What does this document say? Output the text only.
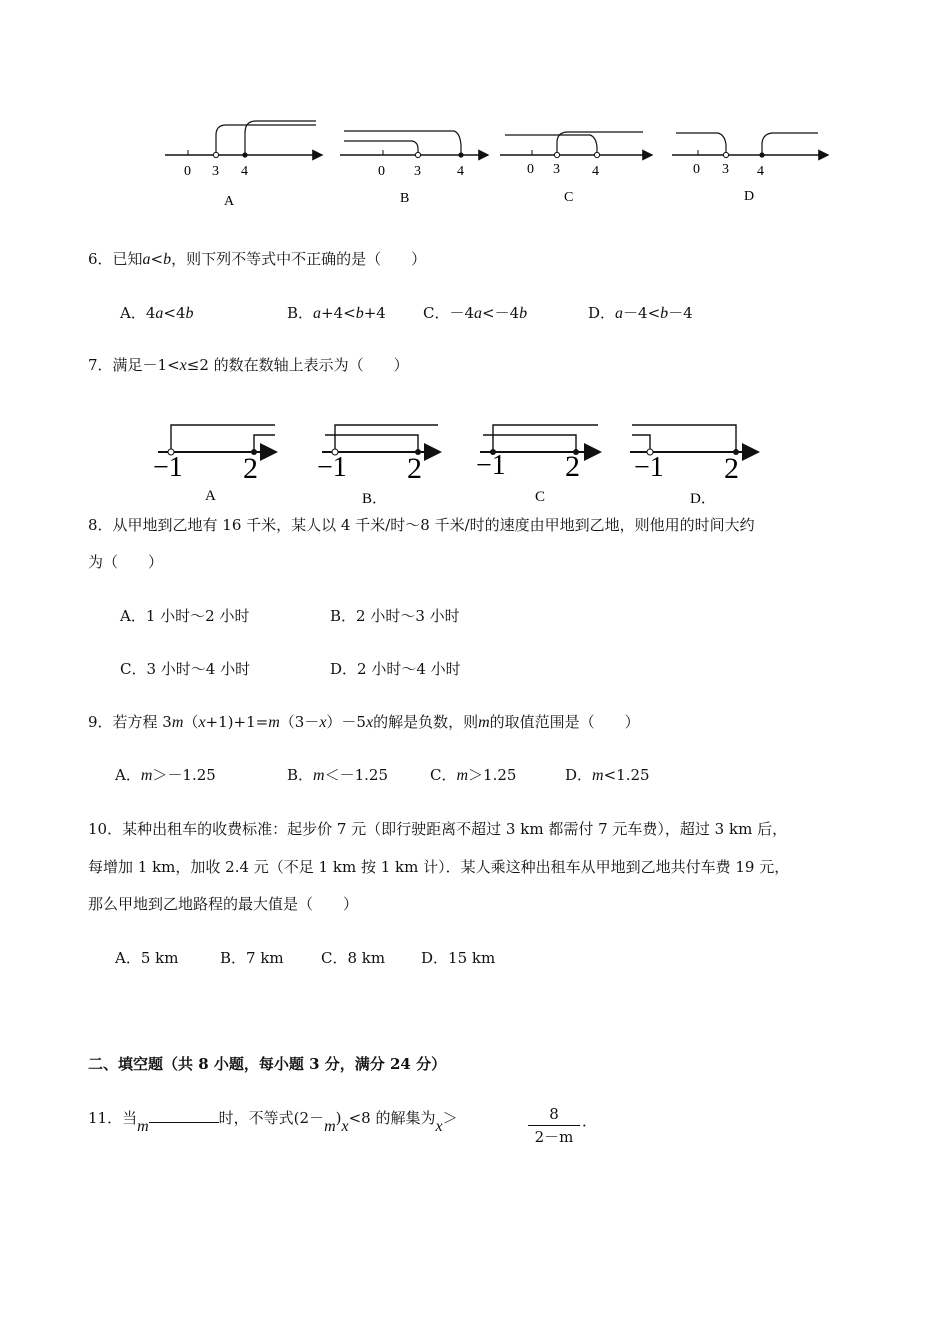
0 3 4
A
0 3	4
B
0 3 4
C
0 3 4
D
6．已知a<b，则下列不等式中不正确的是（　　）
A．4a<4b	B．a+4<b+4 C．－4a<－4b	D．a－4<b－4
7．满足－1<x≤2 的数在数轴上表示为（　　）
−1 2
A
−1 2
B．
−1 2
C
−1 2
D．
8．从甲地到乙地有 16 千米，某人以 4 千米/时～8 千米/时的速度由甲地到乙地，则他用的时间大约
为（　　）
A．1 小时～2 小时	B．2 小时～3 小时
C．3 小时～4 小时	D．2 小时～4 小时
9．若方程 3m（x+1)+1=m（3－x）－5x的解是负数，则m的取值范围是（　　）
A．m＞－1.25	B．m＜－1.25	C．m＞1.25	D．m<1.25
10．某种出租车的收费标准：起步价 7 元（即行驶距离不超过 3 km 都需付 7 元车费），超过 3 km 后，
每增加 1 km，加收 2.4 元（不足 1 km 按 1 km 计）．某人乘这种出租车从甲地到乙地共付车费 19 元，
那么甲地到乙地路程的最大值是（　　）
A．5 km	B．7 km C．8 km D．15 km
二、填空题（共 8 小题，每小题 3 分，满分 24 分）
11．当m	时，不等式(2－m)x<8 的解集为x＞	8
2－m
．
